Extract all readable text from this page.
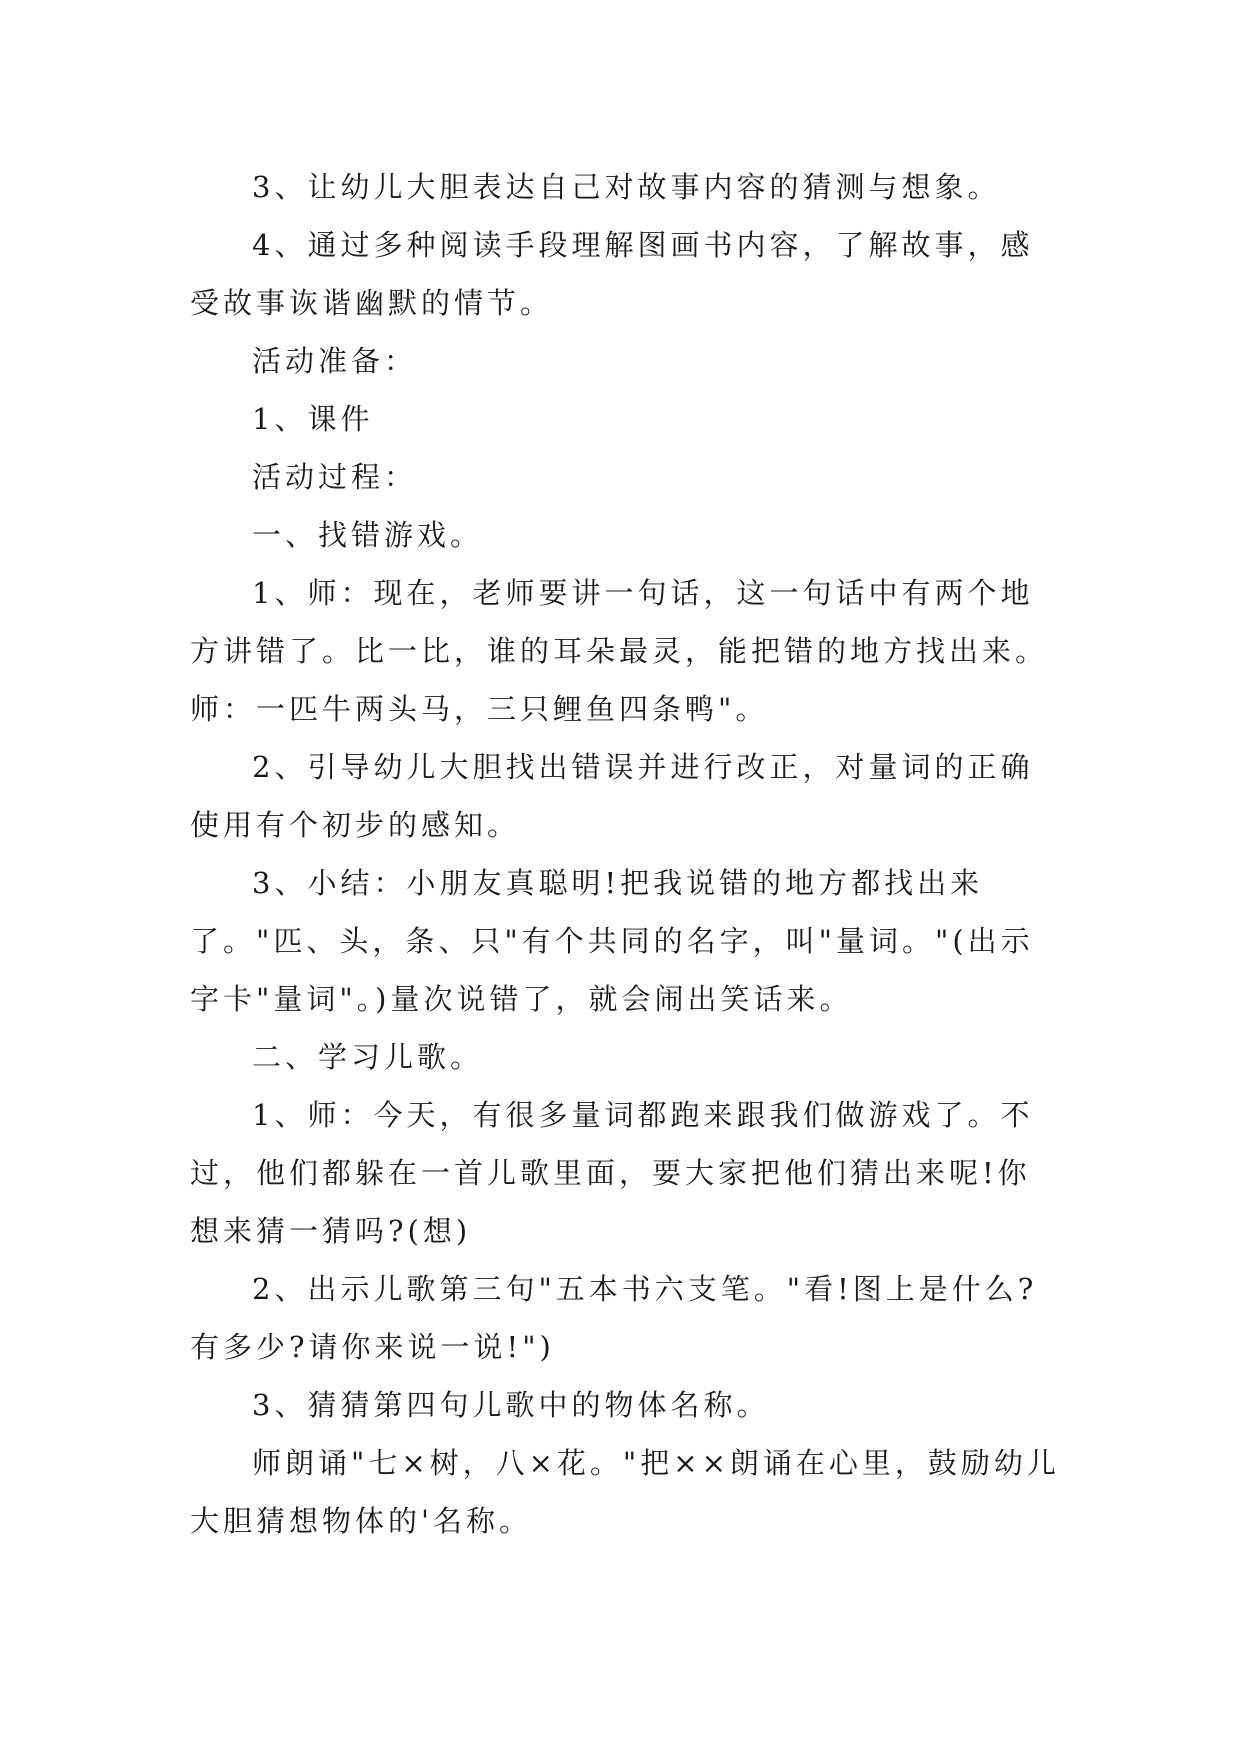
3、让幼儿大胆表达自己对故事内容的猜测与想象。

4、通过多种阅读手段理解图画书内容，了解故事，感受故事诙谐幽默的情节。

活动准备：

1、课件

活动过程：

一、找错游戏。

1、师：现在，老师要讲一句话，这一句话中有两个地方讲错了。比一比，谁的耳朵最灵，能把错的地方找出来。师：一匹牛两头马，三只鲤鱼四条鸭"。

2、引导幼儿大胆找出错误并进行改正，对量词的正确使用有个初步的感知。

3、小结：小朋友真聪明!把我说错的地方都找出来了。"匹、头，条、只"有个共同的名字，叫"量词。"(出示字卡"量词"。)量次说错了，就会闹出笑话来。

二、学习儿歌。

1、师：今天，有很多量词都跑来跟我们做游戏了。不过，他们都躲在一首儿歌里面，要大家把他们猜出来呢!你想来猜一猜吗?(想)

2、出示儿歌第三句"五本书六支笔。"看!图上是什么?有多少?请你来说一说!")

3、猜猜第四句儿歌中的物体名称。

师朗诵"七×树，八×花。"把××朗诵在心里，鼓励幼儿大胆猜想物体的'名称。
